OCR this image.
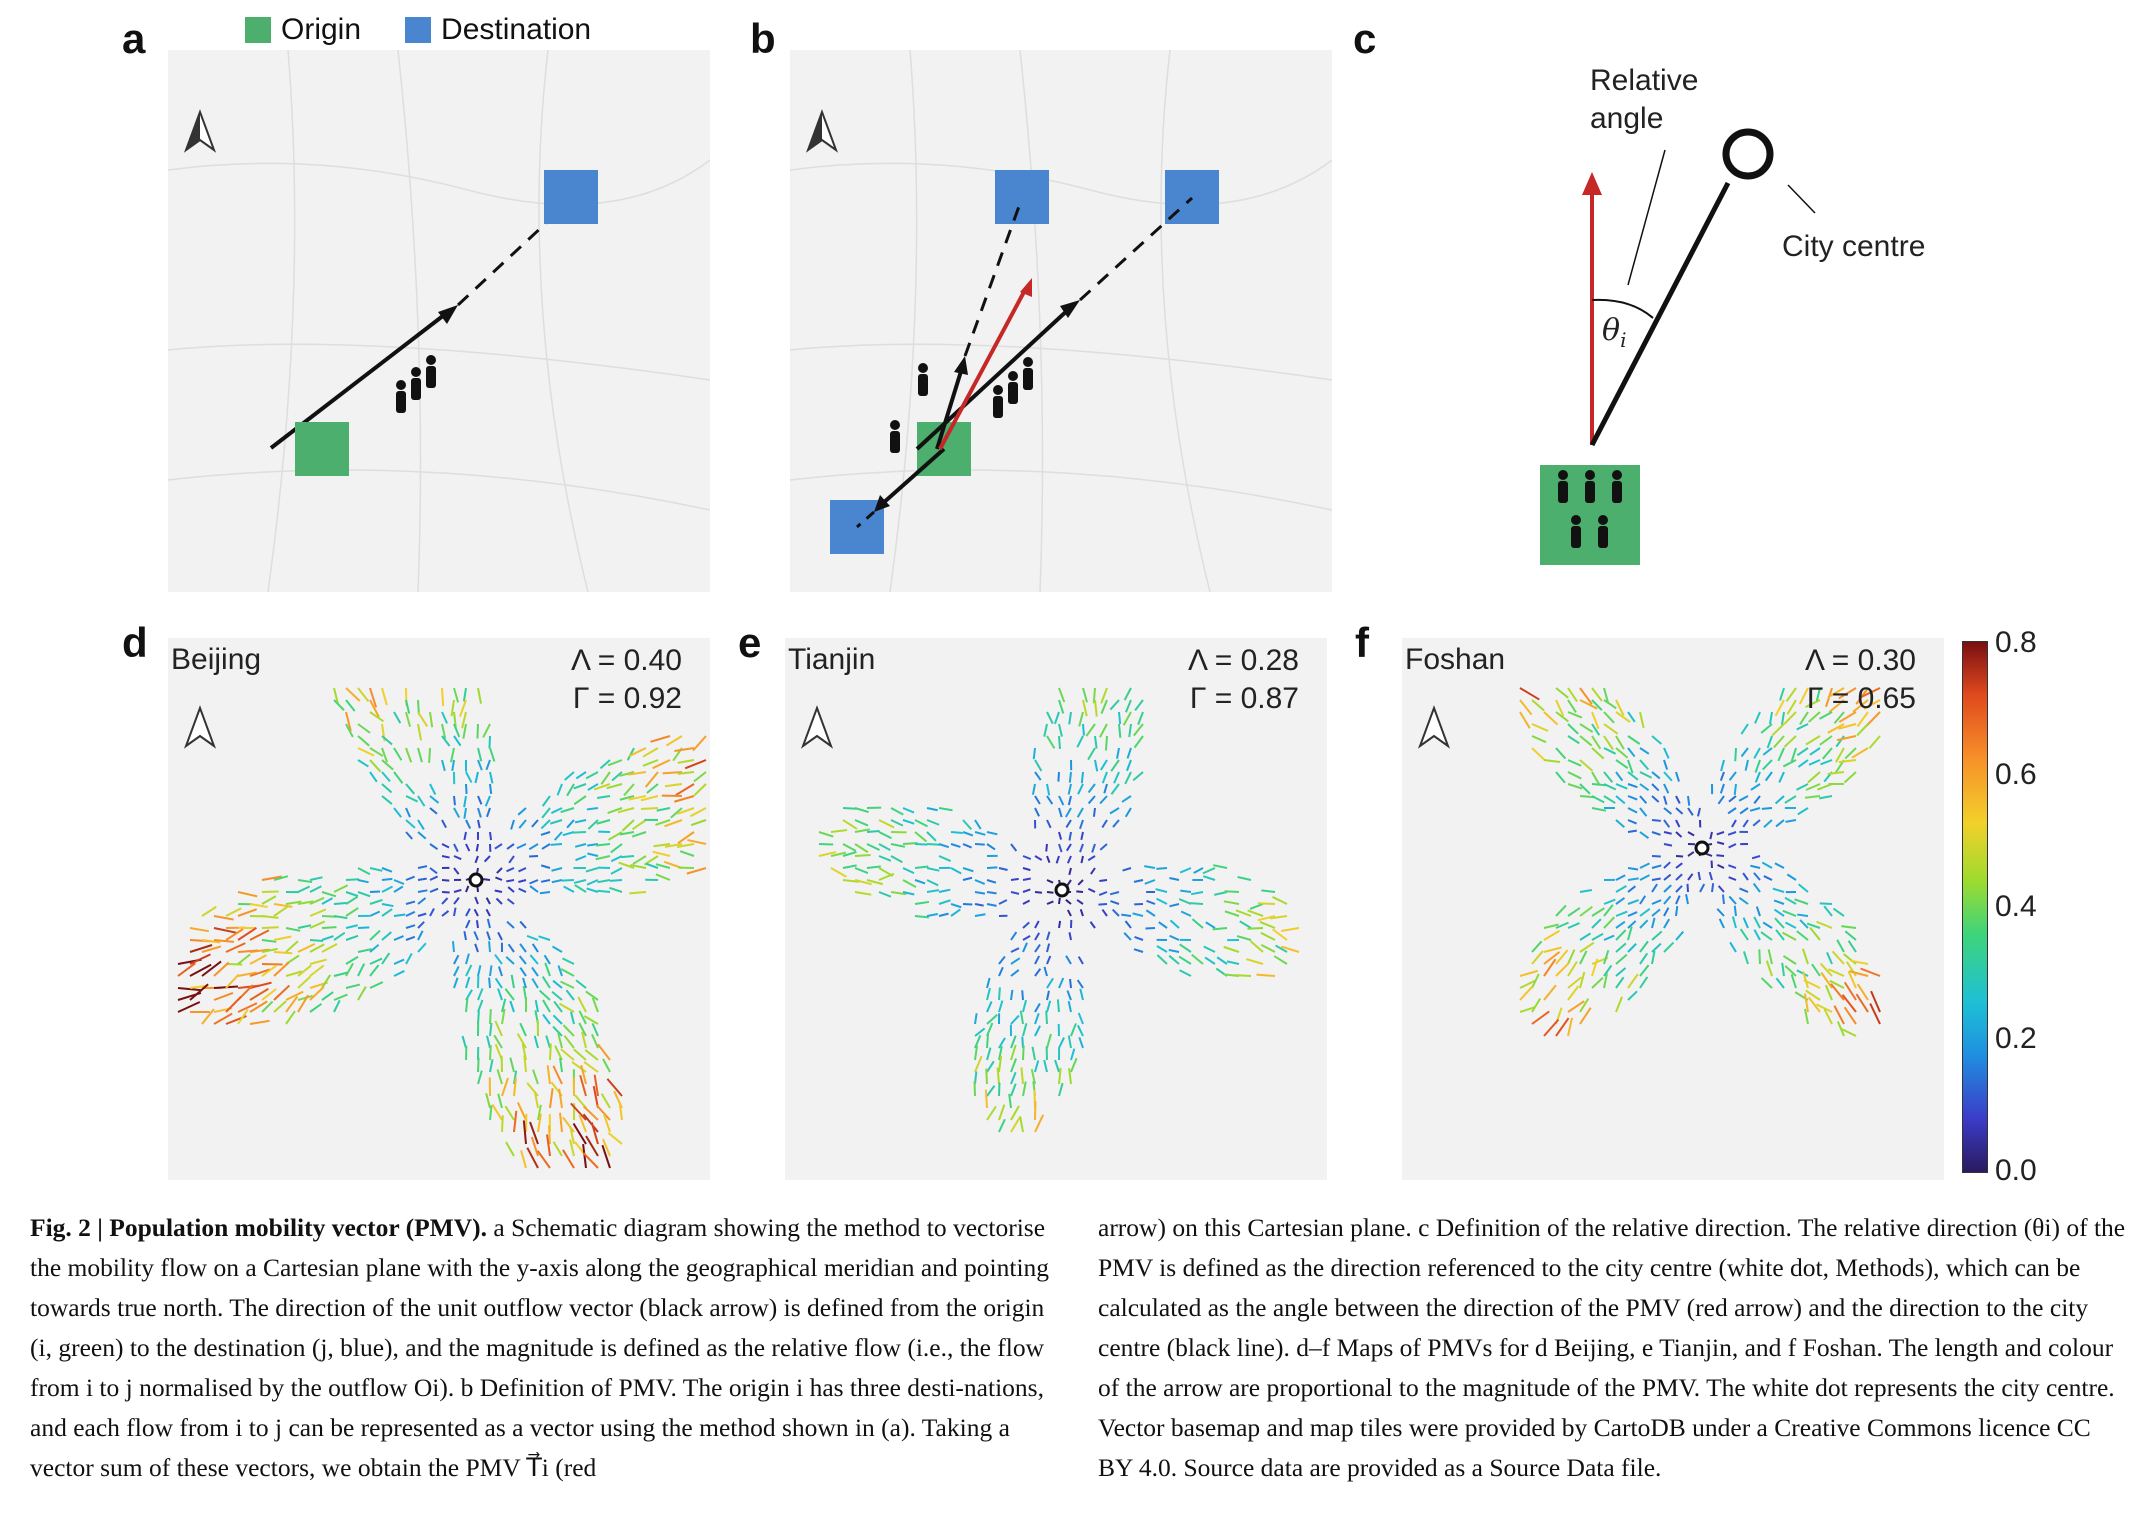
a	b	c
d	e	f
Origin	Destination
Relative
angle
City centre
$\theta_i$
Beijing	Λ = 0.40
Γ = 0.92
Tianjin	Λ = 0.28
Γ = 0.87
Foshan	Λ = 0.30
Γ = 0.65
0.8
0.6
0.4
0.2
0.0

Fig. 2 | Population mobility vector (PMV). a Schematic diagram showing the method to vectorise the mobility flow on a Cartesian plane with the y-axis along the geographical meridian and pointing towards true north. The direction of the unit outflow vector (black arrow) is defined from the origin (i, green) to the destination (j, blue), and the magnitude is defined as the relative flow (i.e., the flow from i to j normalised by the outflow Oi). b Definition of PMV. The origin i has three desti-nations, and each flow from i to j can be represented as a vector using the method shown in (a). Taking a vector sum of these vectors, we obtain the PMV T⃗i (red

arrow) on this Cartesian plane. c Definition of the relative direction. The relative direction (θi) of the PMV is defined as the direction referenced to the city centre (white dot, Methods), which can be calculated as the angle between the direction of the PMV (red arrow) and the direction to the city centre (black line). d–f Maps of PMVs for d Beijing, e Tianjin, and f Foshan. The length and colour of the arrow are proportional to the magnitude of the PMV. The white dot represents the city centre. Vector basemap and map tiles were provided by CartoDB under a Creative Commons licence CC BY 4.0. Source data are provided as a Source Data file.
